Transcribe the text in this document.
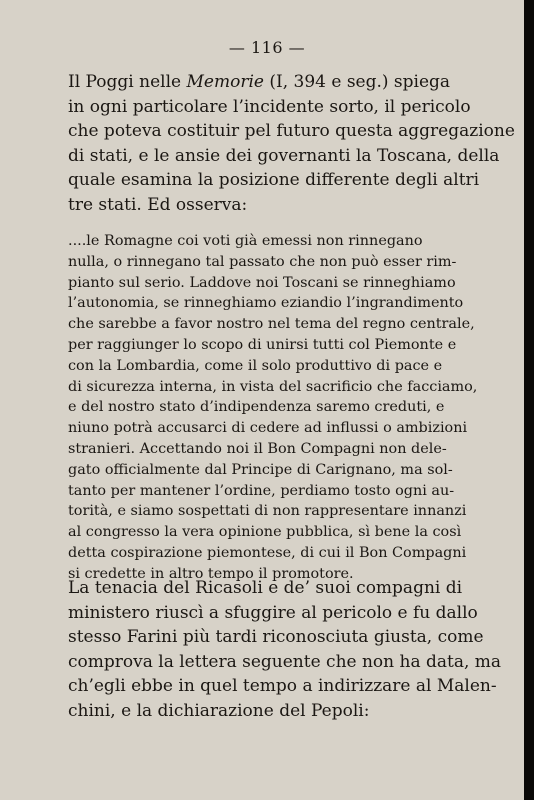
— 116 —
Il Poggi nelle Memorie (I, 394 e seg.) spiega
in ogni particolare l’incidente sorto, il pericolo
che poteva costituir pel futuro questa aggregazione
di stati, e le ansie dei governanti la Toscana, della
quale esamina la posizione differente degli altri
tre stati. Ed osserva:
....le Romagne coi voti già emessi non rinnegano
nulla, o rinnegano tal passato che non può esser rim-
pianto sul serio. Laddove noi Toscani se rinneghiamo
l’autonomia, se rinneghiamo eziandio l’ingrandimento
che sarebbe a favor nostro nel tema del regno centrale,
per raggiunger lo scopo di unirsi tutti col Piemonte e
con la Lombardia, come il solo produttivo di pace e
di sicurezza interna, in vista del sacrificio che facciamo,
e del nostro stato d’indipendenza saremo creduti, e
niuno potrà accusarci di cedere ad influssi o ambizioni
stranieri. Accettando noi il Bon Compagni non dele-
gato officialmente dal Principe di Carignano, ma sol-
tanto per mantener l’ordine, perdiamo tosto ogni au-
torità, e siamo sospettati di non rappresentare innanzi
al congresso la vera opinione pubblica, sì bene la così
detta cospirazione piemontese, di cui il Bon Compagni
si credette in altro tempo il promotore.
La tenacia del Ricasoli e de’ suoi compagni di
ministero riuscì a sfuggire al pericolo e fu dallo
stesso Farini più tardi riconosciuta giusta, come
comprova la lettera seguente che non ha data, ma
ch’egli ebbe in quel tempo a indirizzare al Malen-
chini, e la dichiarazione del Pepoli:
